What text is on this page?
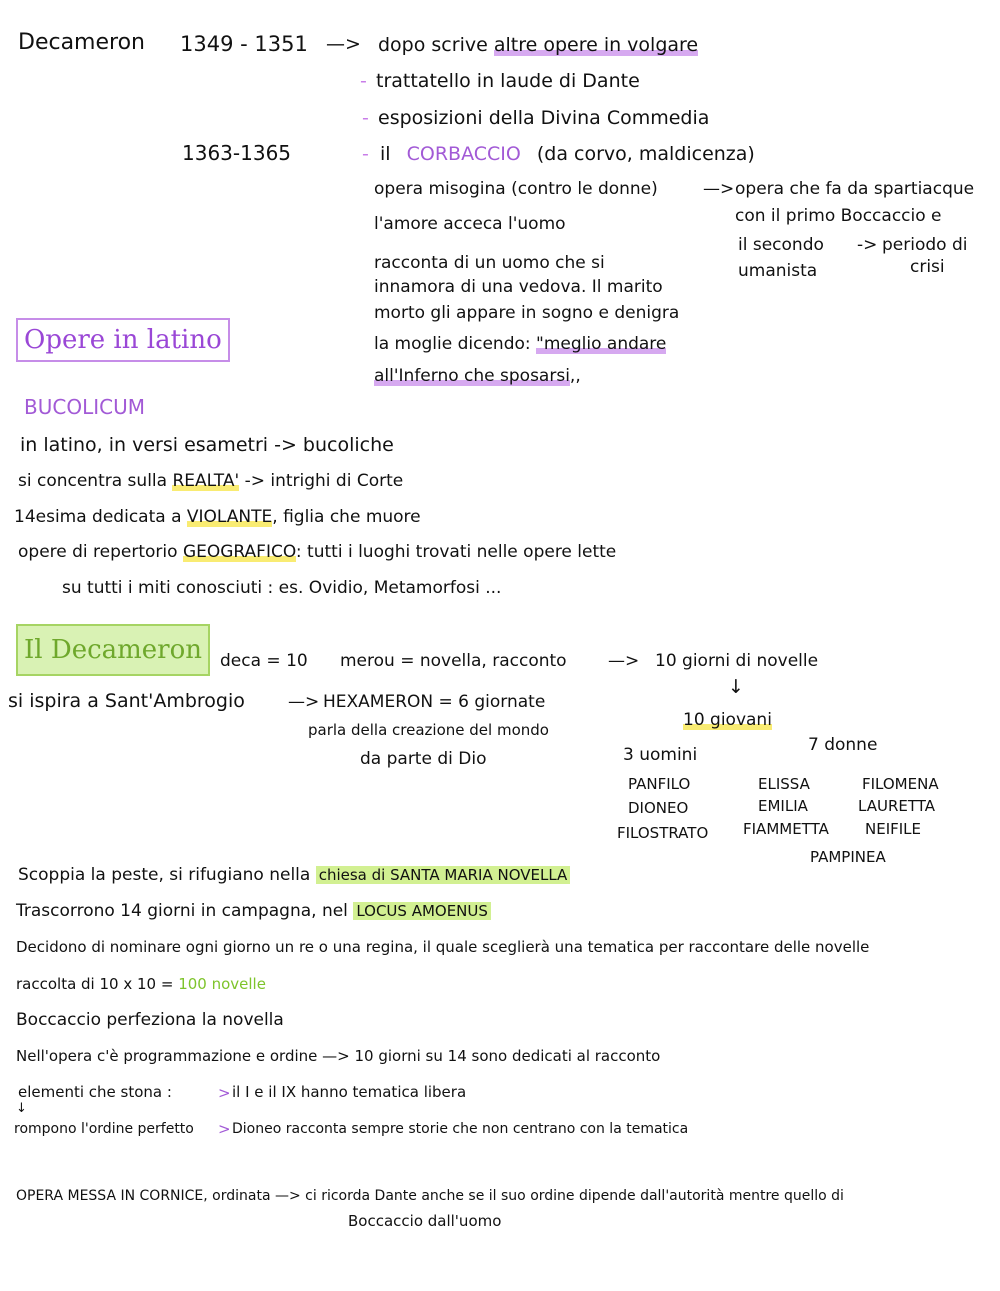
Decameron 1349 - 1351 —> dopo scrive altre opere in volgare
- trattatello in laude di Dante
- esposizioni della Divina Commedia
1363-1365	- il CORBACCIO (da corvo, maldicenza)
opera misogina (contro le donne)	—> opera che fa da spartiacque
con il primo Boccaccio e
il secondo -> periodo di
umanista	crisi
l'amore acceca l'uomo
racconta di un uomo che si
innamora di una vedova. Il marito
morto gli appare in sogno e denigra
la moglie dicendo: "meglio andare
all'Inferno che sposarsi,,
Opere in latino
BUCOLICUM
in latino, in versi esametri -> bucoliche
si concentra sulla REALTA' -> intrighi di Corte
14esima dedicata a VIOLANTE, figlia che muore
opere di repertorio GEOGRAFICO: tutti i luoghi trovati nelle opere lette
su tutti i miti conosciuti : es. Ovidio, Metamorfosi ...
Il Decameron	deca = 10 merou = novella, racconto —> 10 giorni di novelle
↓
si ispira a Sant'Ambrogio	—> HEXAMERON = 6 giornate
parla della creazione del mondo
da parte di Dio
10 giovani
3 uomini	7 donne
PANFILO
DIONEO
FILOSTRATO
ELISSA
EMILIA
FIAMMETTA
FILOMENA
LAURETTA
NEIFILE
PAMPINEA
Scoppia la peste, si rifugiano nella chiesa di SANTA MARIA NOVELLA
Trascorrono 14 giorni in campagna, nel LOCUS AMOENUS
Decidono di nominare ogni giorno un re o una regina, il quale sceglierà una tematica per raccontare delle novelle
raccolta di 10 x 10 = 100 novelle
Boccaccio perfeziona la novella
Nell'opera c'è programmazione e ordine —> 10 giorni su 14 sono dedicati al racconto
elementi che stona :	> il I e il IX hanno tematica libera
↓
rompono l'ordine perfetto > Dioneo racconta sempre storie che non centrano con la tematica
OPERA MESSA IN CORNICE, ordinata —> ci ricorda Dante anche se il suo ordine dipende dall'autorità mentre quello di
Boccaccio dall'uomo
